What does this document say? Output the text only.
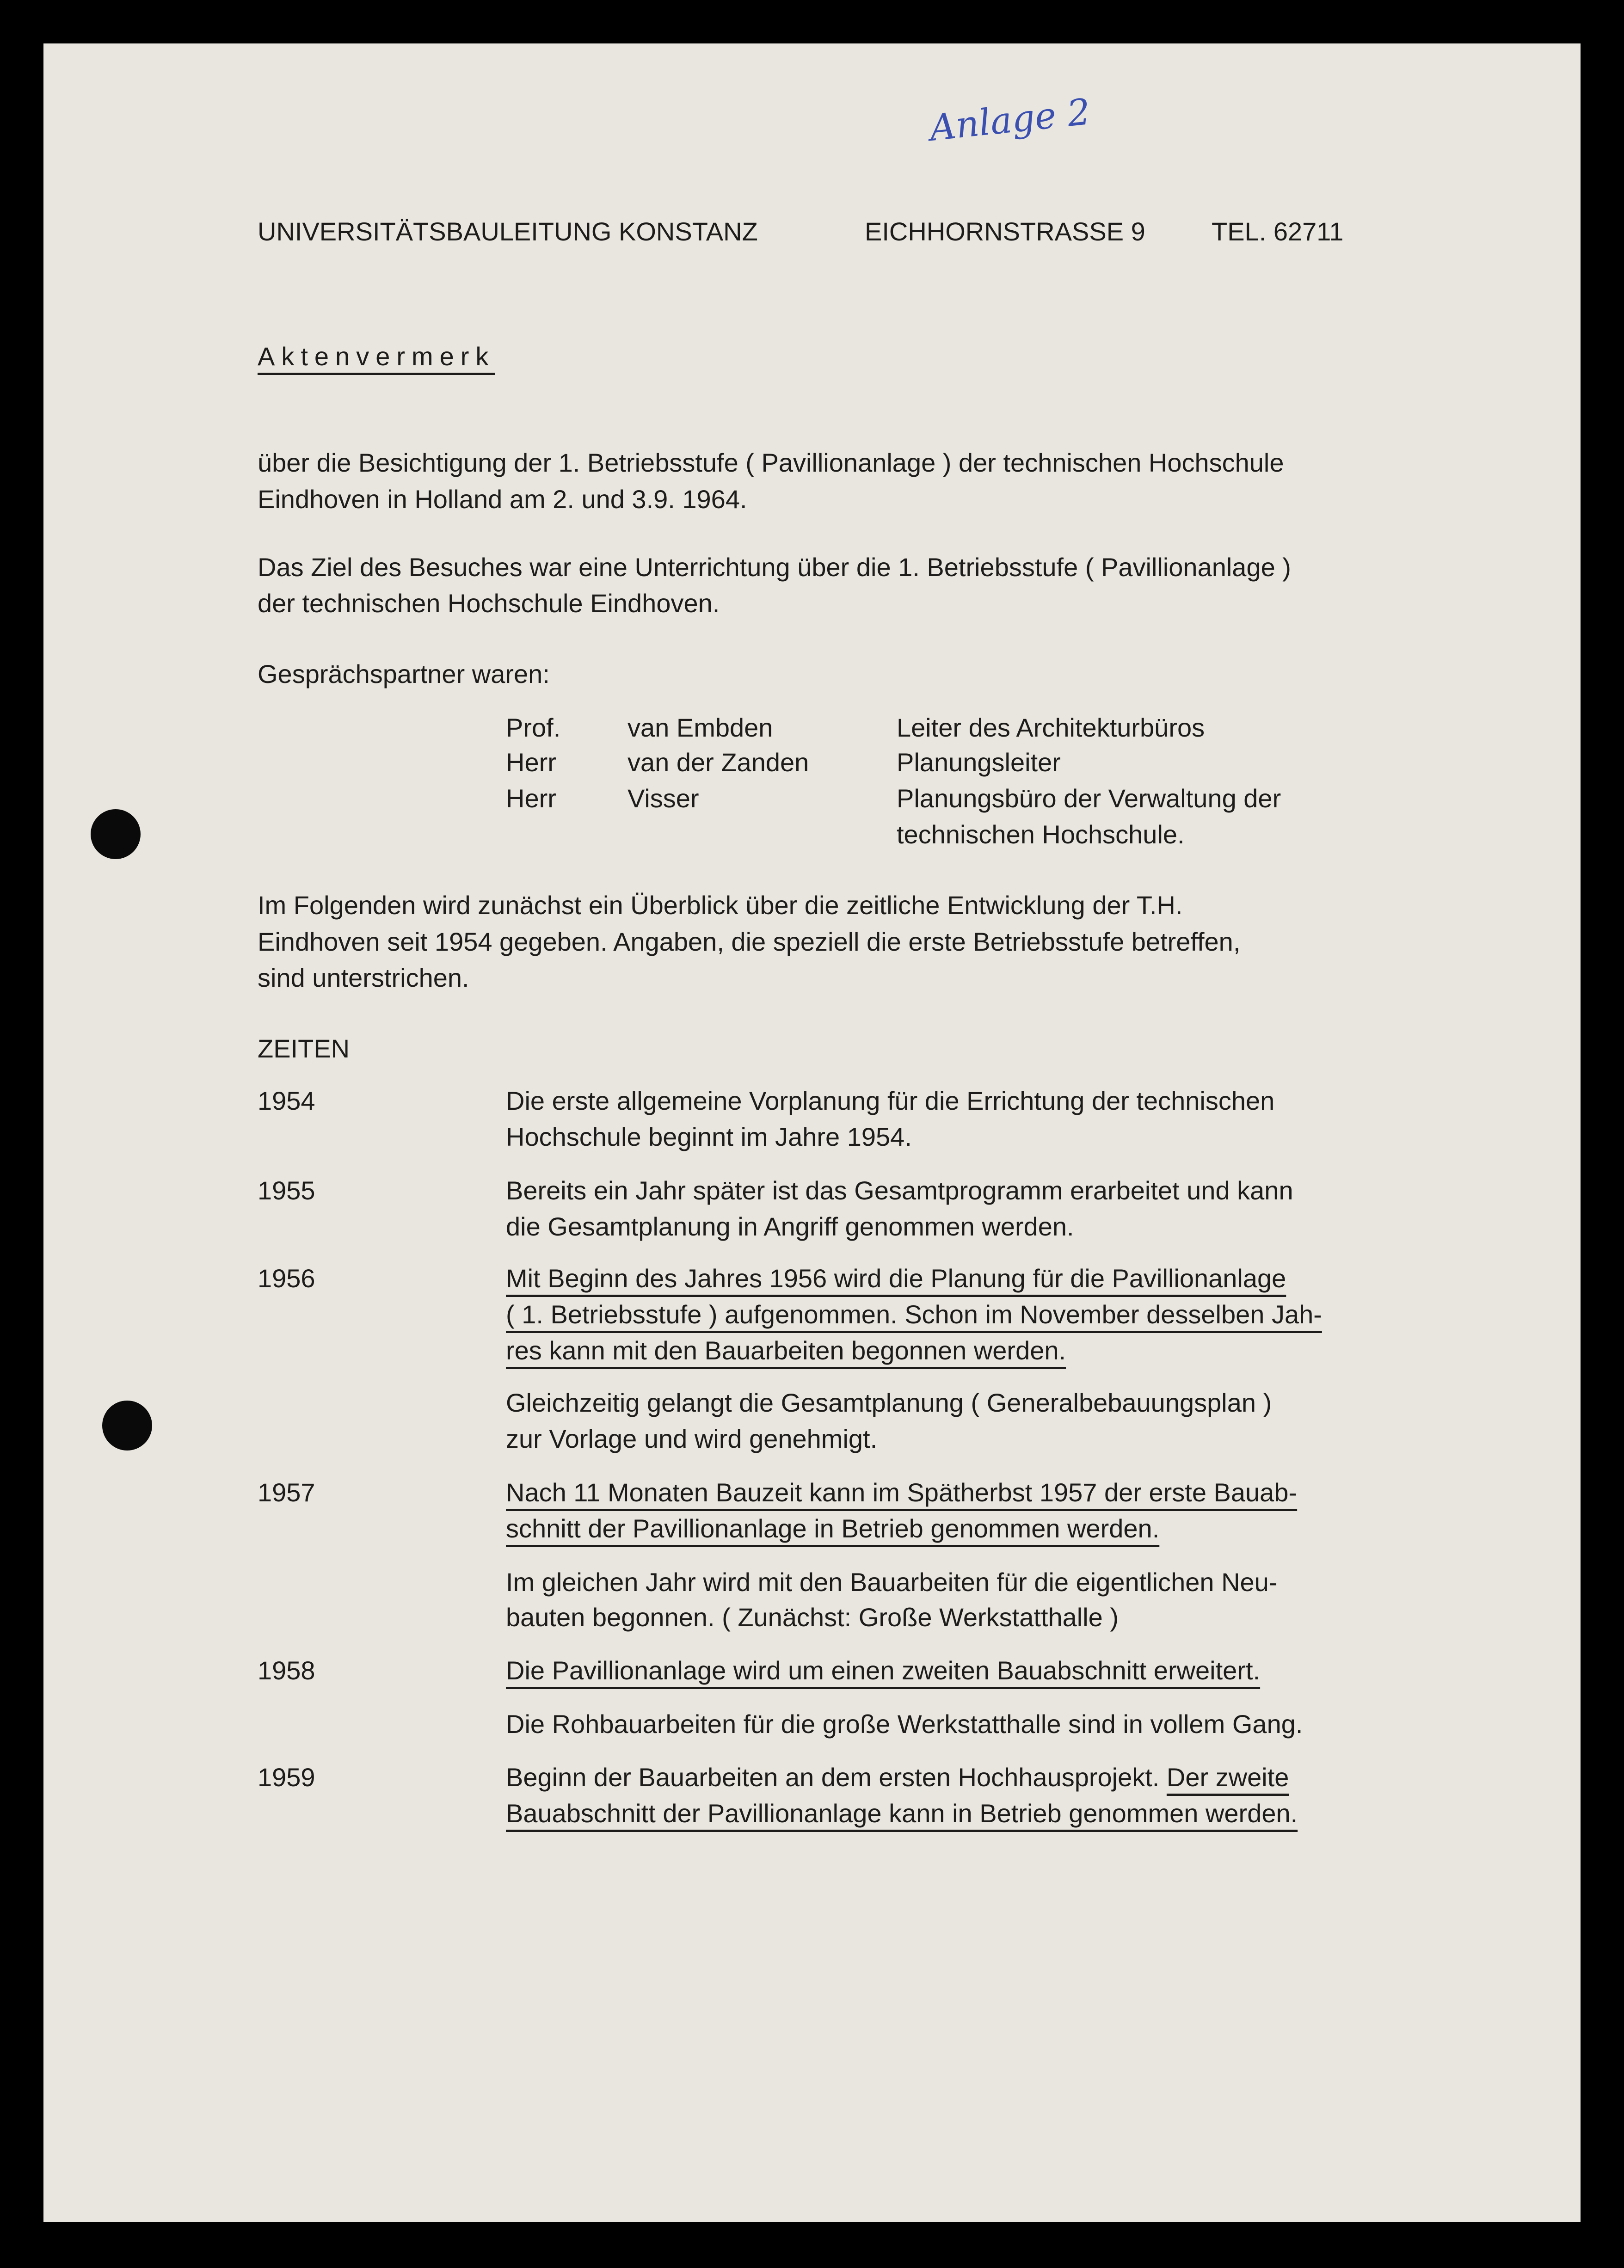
Anlage 2
UNIVERSITÄTSBAULEITUNG KONSTANZ	EICHHORNSTRASSE 9	TEL. 62711
Aktenvermerk
über die Besichtigung der 1. Betriebsstufe ( Pavillionanlage ) der technischen Hochschule
Eindhoven in Holland am 2. und 3.9. 1964.
Das Ziel des Besuches war eine Unterrichtung über die 1. Betriebsstufe ( Pavillionanlage )
der technischen Hochschule Eindhoven.
Gesprächspartner waren:
Prof.	van Embden	Leiter des Architekturbüros
Herr	van der Zanden	Planungsleiter
Herr	Visser	Planungsbüro der Verwaltung der
technischen Hochschule.
Im Folgenden wird zunächst ein Überblick über die zeitliche Entwicklung der T.H.
Eindhoven seit 1954 gegeben. Angaben, die speziell die erste Betriebsstufe betreffen,
sind unterstrichen.
ZEITEN
1954	Die erste allgemeine Vorplanung für die Errichtung der technischen
Hochschule beginnt im Jahre 1954.
1955	Bereits ein Jahr später ist das Gesamtprogramm erarbeitet und kann
die Gesamtplanung in Angriff genommen werden.
1956	Mit Beginn des Jahres 1956 wird die Planung für die Pavillionanlage
( 1. Betriebsstufe ) aufgenommen. Schon im November desselben Jah-
res kann mit den Bauarbeiten begonnen werden.
Gleichzeitig gelangt die Gesamtplanung ( Generalbebauungsplan )
zur Vorlage und wird genehmigt.
1957	Nach 11 Monaten Bauzeit kann im Spätherbst 1957 der erste Bauab-
schnitt der Pavillionanlage in Betrieb genommen werden.
Im gleichen Jahr wird mit den Bauarbeiten für die eigentlichen Neu-
bauten begonnen. ( Zunächst: Große Werkstatthalle )
1958	Die Pavillionanlage wird um einen zweiten Bauabschnitt erweitert.
Die Rohbauarbeiten für die große Werkstatthalle sind in vollem Gang.
1959	Beginn der Bauarbeiten an dem ersten Hochhausprojekt. Der zweite
Bauabschnitt der Pavillionanlage kann in Betrieb genommen werden.
